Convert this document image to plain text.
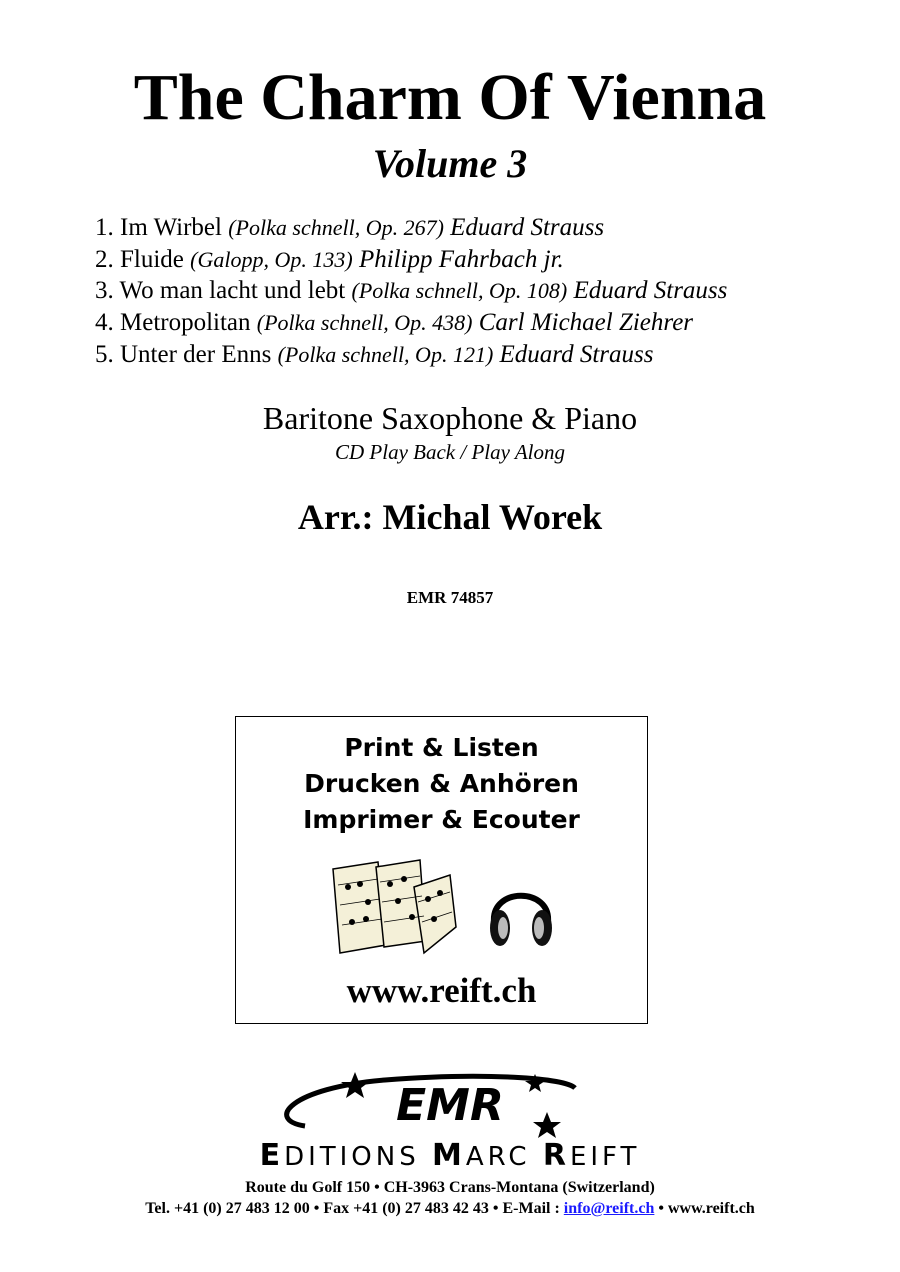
The Charm Of Vienna
Volume 3
1. Im Wirbel (Polka schnell, Op. 267) Eduard Strauss
2. Fluide (Galopp, Op. 133) Philipp Fahrbach jr.
3. Wo man lacht und lebt (Polka schnell, Op. 108) Eduard Strauss
4. Metropolitan (Polka schnell, Op. 438) Carl Michael Ziehrer
5. Unter der Enns (Polka schnell, Op. 121) Eduard Strauss
Baritone Saxophone & Piano
CD Play Back / Play Along
Arr.: Michal Worek
EMR 74857
Print & Listen
Drucken & Anhören
Imprimer & Ecouter
www.reift.ch
EMR
EDITIONS MARC REIFT
Route du Golf 150 • CH-3963 Crans-Montana (Switzerland)
Tel. +41 (0) 27 483 12 00 • Fax +41 (0) 27 483 42 43 • E-Mail : info@reift.ch • www.reift.ch
